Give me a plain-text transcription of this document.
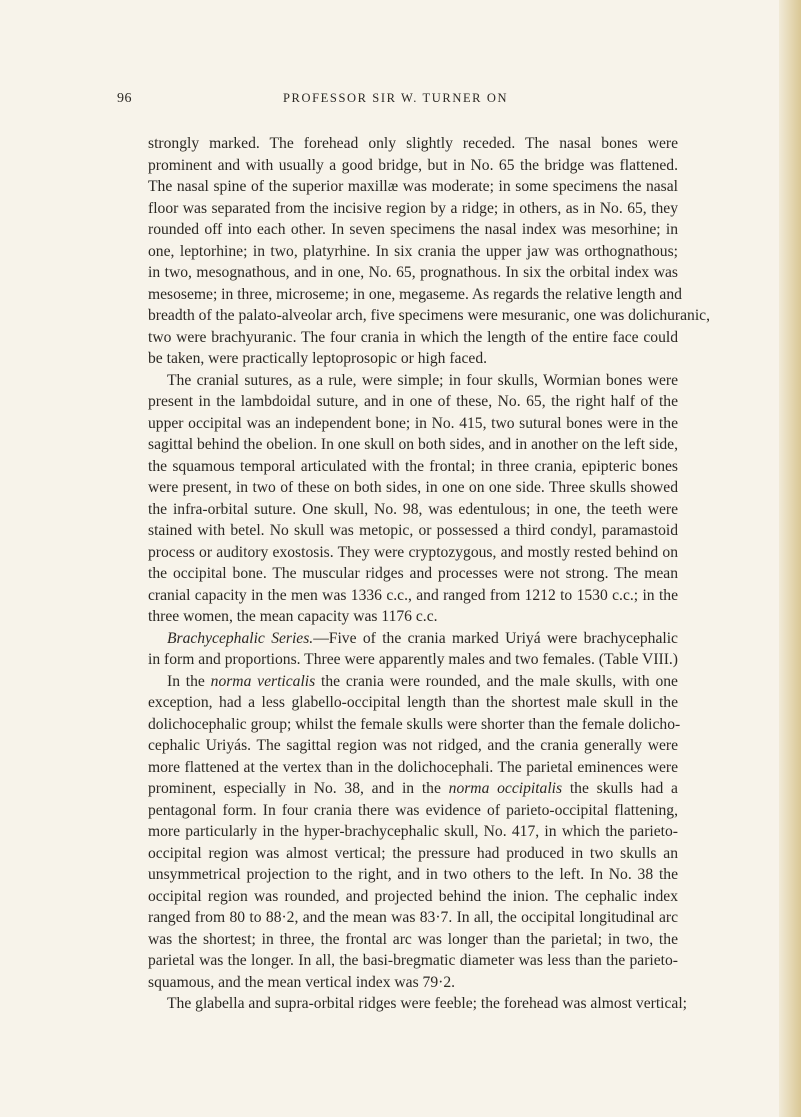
96	PROFESSOR SIR W. TURNER ON
strongly marked. The forehead only slightly receded. The nasal bones were
prominent and with usually a good bridge, but in No. 65 the bridge was flattened.
The nasal spine of the superior maxillæ was moderate; in some specimens the nasal
floor was separated from the incisive region by a ridge; in others, as in No. 65, they
rounded off into each other. In seven specimens the nasal index was mesorhine; in
one, leptorhine; in two, platyrhine. In six crania the upper jaw was orthognathous;
in two, mesognathous, and in one, No. 65, prognathous. In six the orbital index was
mesoseme; in three, microseme; in one, megaseme. As regards the relative length and
breadth of the palato-alveolar arch, five specimens were mesuranic, one was dolichuranic,
two were brachyuranic. The four crania in which the length of the entire face could
be taken, were practically leptoprosopic or high faced.
The cranial sutures, as a rule, were simple; in four skulls, Wormian bones were
present in the lambdoidal suture, and in one of these, No. 65, the right half of the
upper occipital was an independent bone; in No. 415, two sutural bones were in the
sagittal behind the obelion. In one skull on both sides, and in another on the left side,
the squamous temporal articulated with the frontal; in three crania, epipteric bones
were present, in two of these on both sides, in one on one side. Three skulls showed
the infra-orbital suture. One skull, No. 98, was edentulous; in one, the teeth were
stained with betel. No skull was metopic, or possessed a third condyl, paramastoid
process or auditory exostosis. They were cryptozygous, and mostly rested behind on
the occipital bone. The muscular ridges and processes were not strong. The mean
cranial capacity in the men was 1336 c.c., and ranged from 1212 to 1530 c.c.; in the
three women, the mean capacity was 1176 c.c.
Brachycephalic Series.—Five of the crania marked Uriyá were brachycephalic
in form and proportions. Three were apparently males and two females. (Table VIII.)
In the norma verticalis the crania were rounded, and the male skulls, with one
exception, had a less glabello-occipital length than the shortest male skull in the
dolichocephalic group; whilst the female skulls were shorter than the female dolicho-
cephalic Uriyás. The sagittal region was not ridged, and the crania generally were
more flattened at the vertex than in the dolichocephali. The parietal eminences were
prominent, especially in No. 38, and in the norma occipitalis the skulls had a
pentagonal form. In four crania there was evidence of parieto-occipital flattening,
more particularly in the hyper-brachycephalic skull, No. 417, in which the parieto-
occipital region was almost vertical; the pressure had produced in two skulls an
unsymmetrical projection to the right, and in two others to the left. In No. 38 the
occipital region was rounded, and projected behind the inion. The cephalic index
ranged from 80 to 88·2, and the mean was 83·7. In all, the occipital longitudinal arc
was the shortest; in three, the frontal arc was longer than the parietal; in two, the
parietal was the longer. In all, the basi-bregmatic diameter was less than the parieto-
squamous, and the mean vertical index was 79·2.
The glabella and supra-orbital ridges were feeble; the forehead was almost vertical;
